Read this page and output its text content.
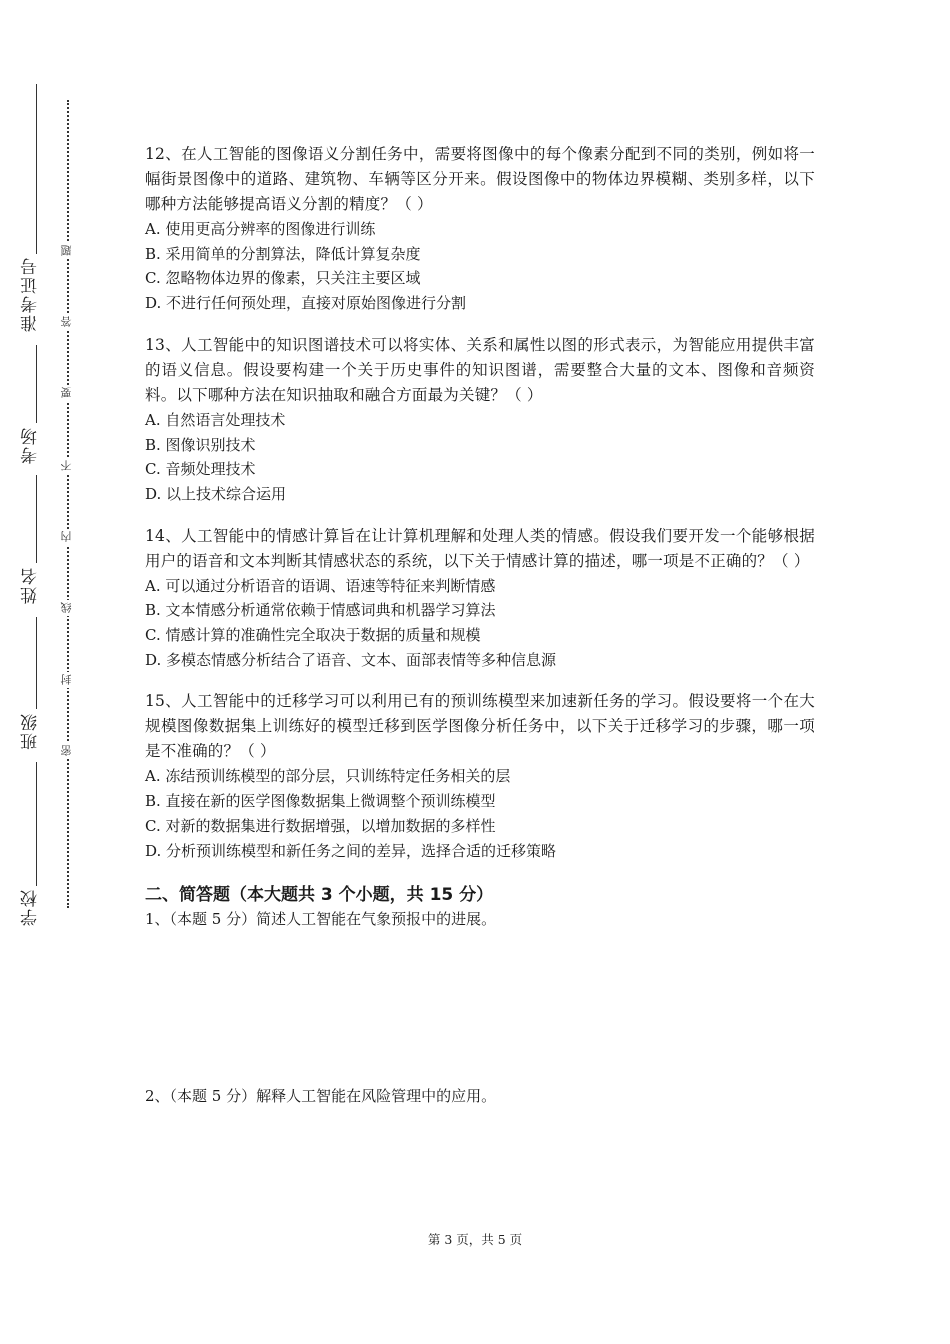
准考证号
考场
姓名
班级
学校
题
答
要
不
内
线
封
密

12、在人工智能的图像语义分割任务中，需要将图像中的每个像素分配到不同的类别，例如将一幅街景图像中的道路、建筑物、车辆等区分开来。假设图像中的物体边界模糊、类别多样，以下哪种方法能够提高语义分割的精度？（ ）

A. 使用更高分辨率的图像进行训练

B. 采用简单的分割算法，降低计算复杂度

C. 忽略物体边界的像素，只关注主要区域

D. 不进行任何预处理，直接对原始图像进行分割

13、人工智能中的知识图谱技术可以将实体、关系和属性以图的形式表示，为智能应用提供丰富的语义信息。假设要构建一个关于历史事件的知识图谱，需要整合大量的文本、图像和音频资料。以下哪种方法在知识抽取和融合方面最为关键？（ ）

A. 自然语言处理技术

B. 图像识别技术

C. 音频处理技术

D. 以上技术综合运用

14、人工智能中的情感计算旨在让计算机理解和处理人类的情感。假设我们要开发一个能够根据用户的语音和文本判断其情感状态的系统，以下关于情感计算的描述，哪一项是不正确的？（ ）

A. 可以通过分析语音的语调、语速等特征来判断情感

B. 文本情感分析通常依赖于情感词典和机器学习算法

C. 情感计算的准确性完全取决于数据的质量和规模

D. 多模态情感分析结合了语音、文本、面部表情等多种信息源

15、人工智能中的迁移学习可以利用已有的预训练模型来加速新任务的学习。假设要将一个在大规模图像数据集上训练好的模型迁移到医学图像分析任务中，以下关于迁移学习的步骤，哪一项是不准确的？（ ）

A. 冻结预训练模型的部分层，只训练特定任务相关的层

B. 直接在新的医学图像数据集上微调整个预训练模型

C. 对新的数据集进行数据增强，以增加数据的多样性

D. 分析预训练模型和新任务之间的差异，选择合适的迁移策略

二、简答题（本大题共 3 个小题，共 15 分）

1、（本题 5 分）简述人工智能在气象预报中的进展。

2、（本题 5 分）解释人工智能在风险管理中的应用。

第 3 页，共 5 页
